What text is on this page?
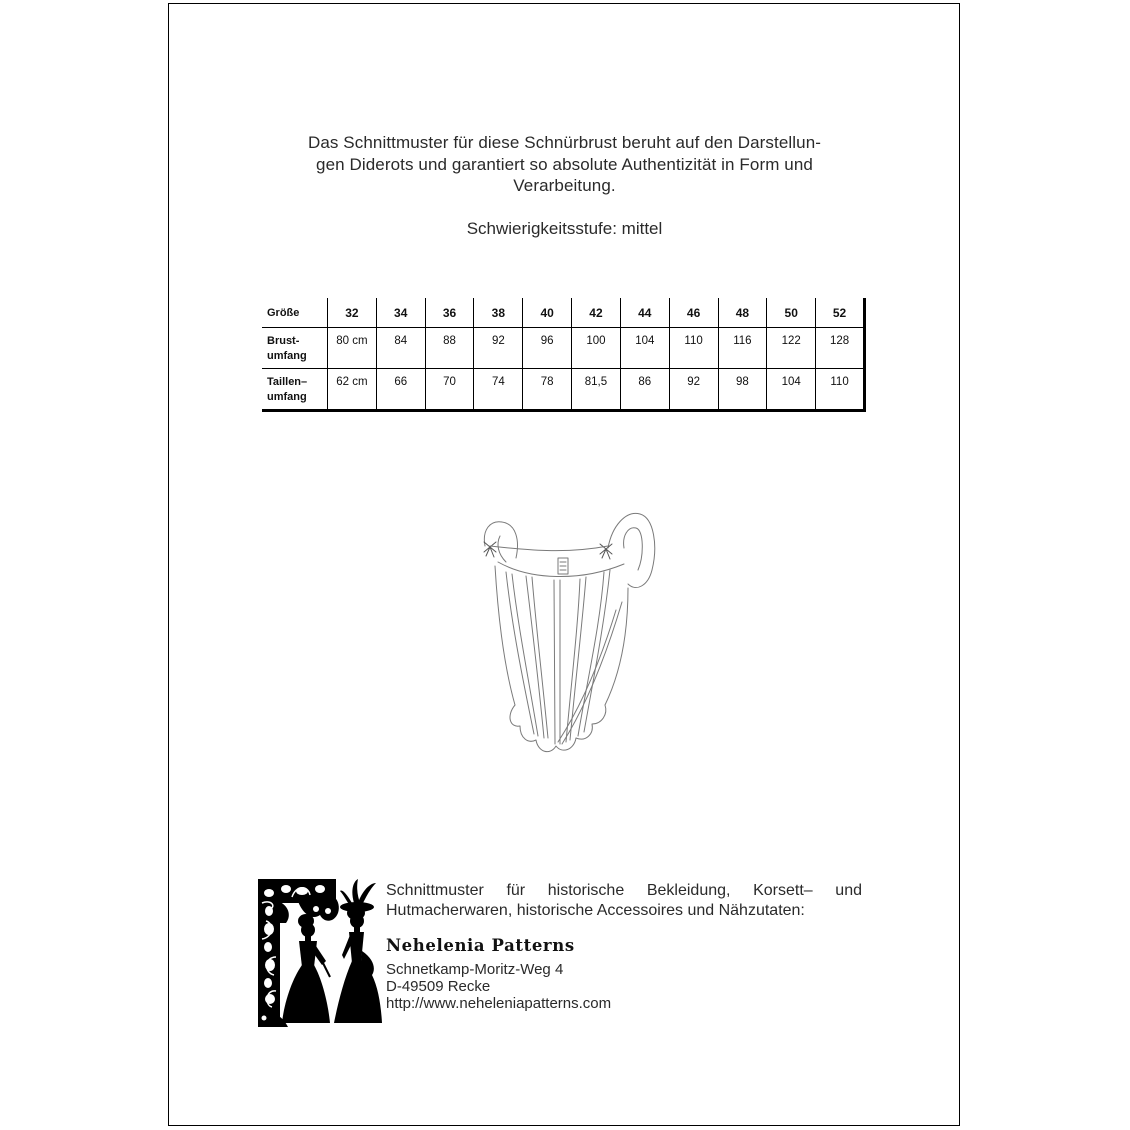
Das Schnittmuster für diese Schnürbrust beruht auf den Darstellun-
gen Diderots und garantiert so absolute Authentizität in Form und
Verarbeitung.
Schwierigkeitsstufe: mittel
Größe	32	34	36	38	40	42	44	46	48	50	52

Brust-
umfang	80 cm	84	88	92	96	100	104	110	116	122	128

Taillen–
umfang	62 cm	66	70	74	78	81,5	86	92	98	104	110
Schnittmuster für historische Bekleidung, Korsett– und
Hutmacherwaren, historische Accessoires und Nähzutaten:
Nehelenia Patterns
Schnetkamp-Moritz-Weg 4
D-49509 Recke
http://www.neheleniapatterns.com
